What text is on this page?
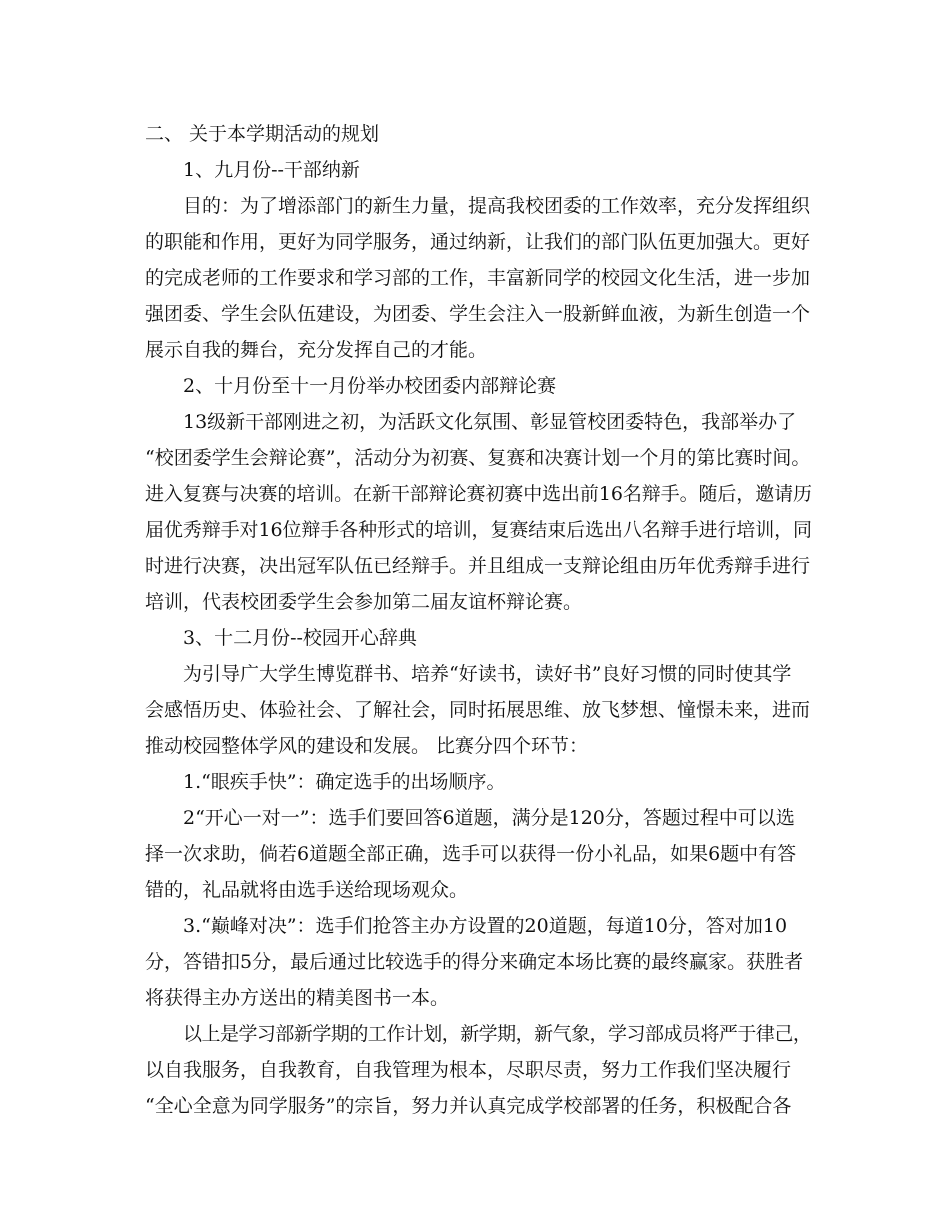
二、 关于本学期活动的规划
1、九月份--干部纳新
目的：为了增添部门的新生力量，提高我校团委的工作效率，充分发挥组织
的职能和作用，更好为同学服务，通过纳新，让我们的部门队伍更加强大。更好
的完成老师的工作要求和学习部的工作，丰富新同学的校园文化生活，进一步加
强团委、学生会队伍建设，为团委、学生会注入一股新鲜血液，为新生创造一个
展示自我的舞台，充分发挥自己的才能。
2、十月份至十一月份举办校团委内部辩论赛
13级新干部刚进之初，为活跃文化氛围、彰显管校团委特色，我部举办了
“校团委学生会辩论赛”，活动分为初赛、复赛和决赛计划一个月的第比赛时间。
进入复赛与决赛的培训。在新干部辩论赛初赛中选出前16名辩手。随后，邀请历
届优秀辩手对16位辩手各种形式的培训，复赛结束后选出八名辩手进行培训，同
时进行决赛，决出冠军队伍已经辩手。并且组成一支辩论组由历年优秀辩手进行
培训，代表校团委学生会参加第二届友谊杯辩论赛。
3、十二月份--校园开心辞典
为引导广大学生博览群书、培养“好读书，读好书”良好习惯的同时使其学
会感悟历史、体验社会、了解社会，同时拓展思维、放飞梦想、憧憬未来，进而
推动校园整体学风的建设和发展。 比赛分四个环节：
1.“眼疾手快”：确定选手的出场顺序。
2“开心一对一”：选手们要回答6道题，满分是120分，答题过程中可以选
择一次求助，倘若6道题全部正确，选手可以获得一份小礼品，如果6题中有答
错的，礼品就将由选手送给现场观众。
3.“巅峰对决”：选手们抢答主办方设置的20道题，每道10分，答对加10
分，答错扣5分，最后通过比较选手的得分来确定本场比赛的最终赢家。获胜者
将获得主办方送出的精美图书一本。
以上是学习部新学期的工作计划，新学期，新气象，学习部成员将严于律己，
以自我服务，自我教育，自我管理为根本，尽职尽责，努力工作我们坚决履行
“全心全意为同学服务”的宗旨，努力并认真完成学校部署的任务，积极配合各
